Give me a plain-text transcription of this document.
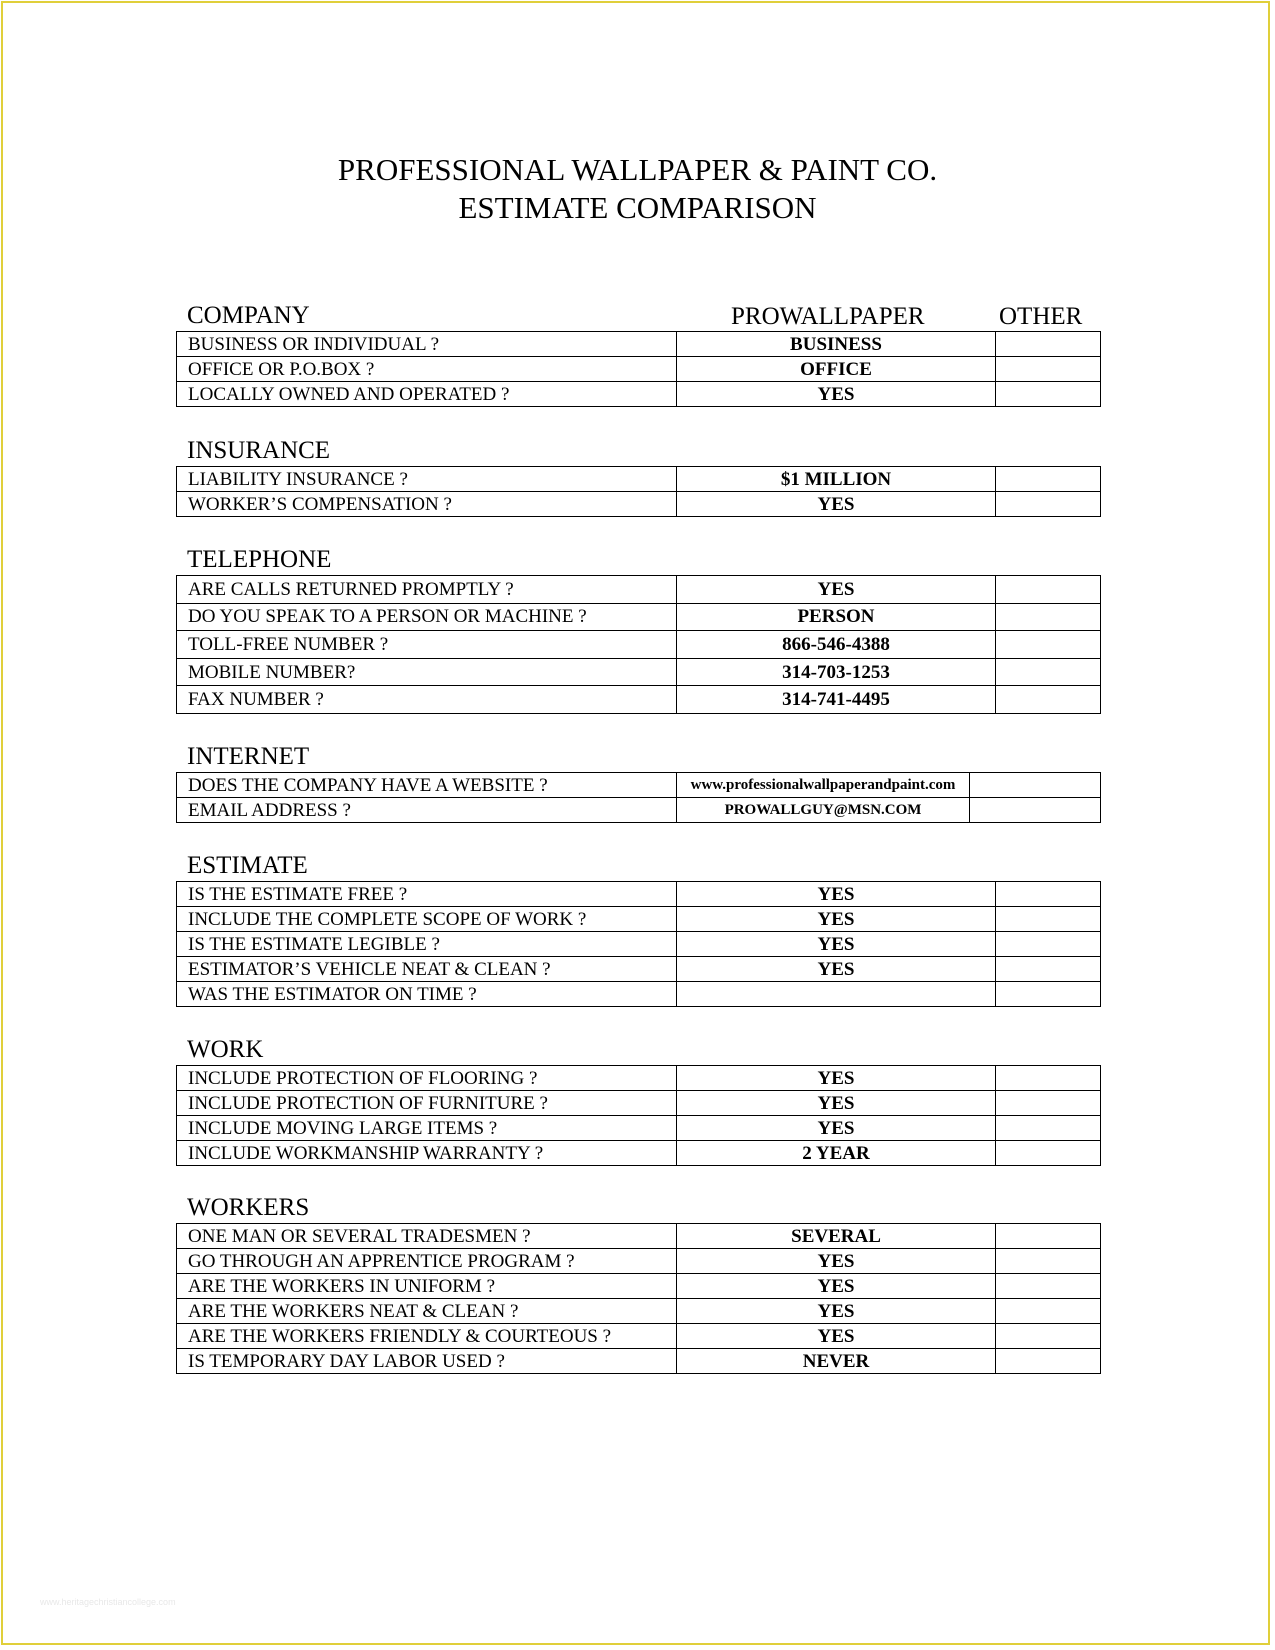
PROFESSIONAL WALLPAPER & PAINT CO.
ESTIMATE COMPARISON
PROWALLPAPER	OTHER
COMPANY
BUSINESS OR INDIVIDUAL ?	BUSINESS	
OFFICE OR P.O.BOX ?	OFFICE	
LOCALLY OWNED AND OPERATED ?	YES	
INSURANCE
LIABILITY INSURANCE ?	$1 MILLION	
WORKER’S COMPENSATION ?	YES	
TELEPHONE
ARE CALLS RETURNED PROMPTLY ?	YES	
DO YOU SPEAK TO A PERSON OR MACHINE ?	PERSON	
TOLL-FREE NUMBER ?	866-546-4388	
MOBILE NUMBER?	314-703-1253	
FAX NUMBER ?	314-741-4495	
INTERNET
DOES THE COMPANY HAVE A WEBSITE ?	www.professionalwallpaperandpaint.com	
EMAIL ADDRESS ?	PROWALLGUY@MSN.COM	
ESTIMATE
IS THE ESTIMATE FREE ?	YES	
INCLUDE THE COMPLETE SCOPE OF WORK ?	YES	
IS THE ESTIMATE LEGIBLE ?	YES	
ESTIMATOR’S VEHICLE NEAT & CLEAN ?	YES	
WAS THE ESTIMATOR ON TIME ?		
WORK
INCLUDE PROTECTION OF FLOORING ?	YES	
INCLUDE PROTECTION OF FURNITURE ?	YES	
INCLUDE MOVING LARGE ITEMS ?	YES	
INCLUDE WORKMANSHIP WARRANTY ?	2 YEAR	
WORKERS
ONE MAN OR SEVERAL TRADESMEN ?	SEVERAL	
GO THROUGH AN APPRENTICE PROGRAM ?	YES	
ARE THE WORKERS IN UNIFORM ?	YES	
ARE THE WORKERS NEAT & CLEAN ?	YES	
ARE THE WORKERS FRIENDLY & COURTEOUS ?	YES	
IS TEMPORARY DAY LABOR USED ?	NEVER	
www.heritagechristiancollege.com
